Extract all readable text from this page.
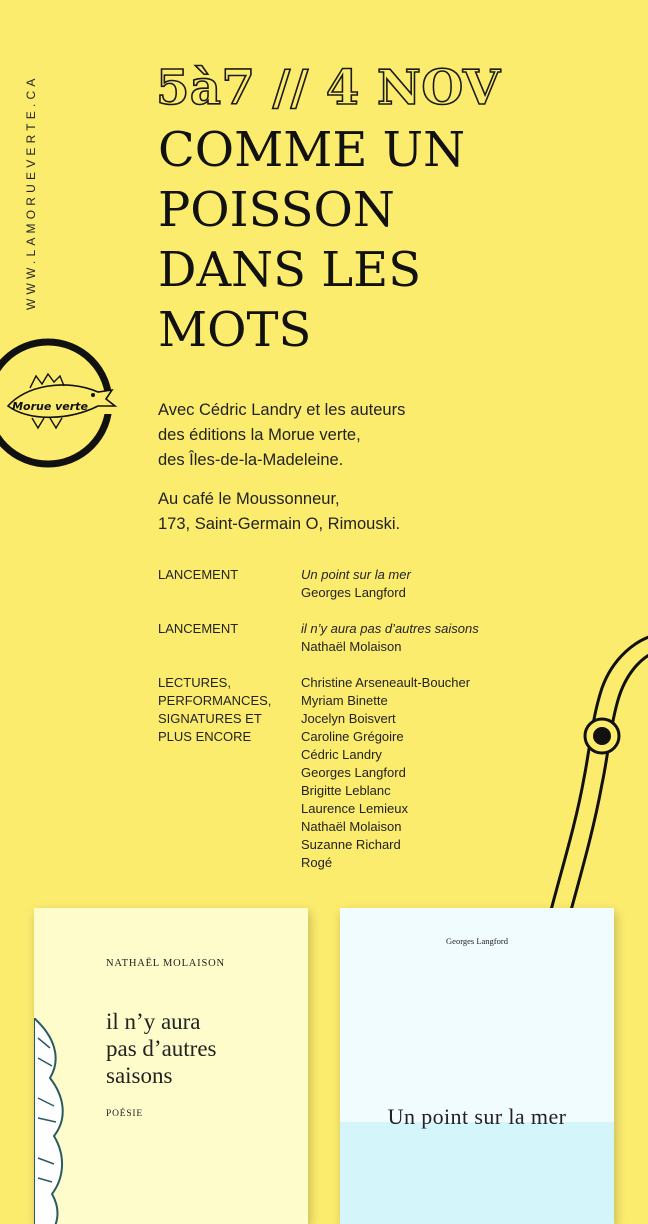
WWW.LAMORUEVERTE.CA
Morue verte
5à7 // 4 NOV
COMME UN
POISSON
DANS LES
MOTS

Avec Cédric Landry et les auteurs
des éditions la Morue verte,
des Îles-de-la-Madeleine.

Au café le Moussonneur,
173, Saint-Germain O, Rimouski.

LANCEMENT	Un point sur la mer
Georges Langford
LANCEMENT	il n’y aura pas d’autres saisons
Nathaël Molaison
LECTURES,
PERFORMANCES,
SIGNATURES ET
PLUS ENCORE
Christine Arseneault-Boucher
Myriam Binette
Jocelyn Boisvert
Caroline Grégoire
Cédric Landry
Georges Langford
Brigitte Leblanc
Laurence Lemieux
Nathaël Molaison
Suzanne Richard
Rogé
NATHAËL MOLAISON
il n’y aura
pas d’autres
saisons
POÉSIE
Georges Langford
Un point sur la mer
